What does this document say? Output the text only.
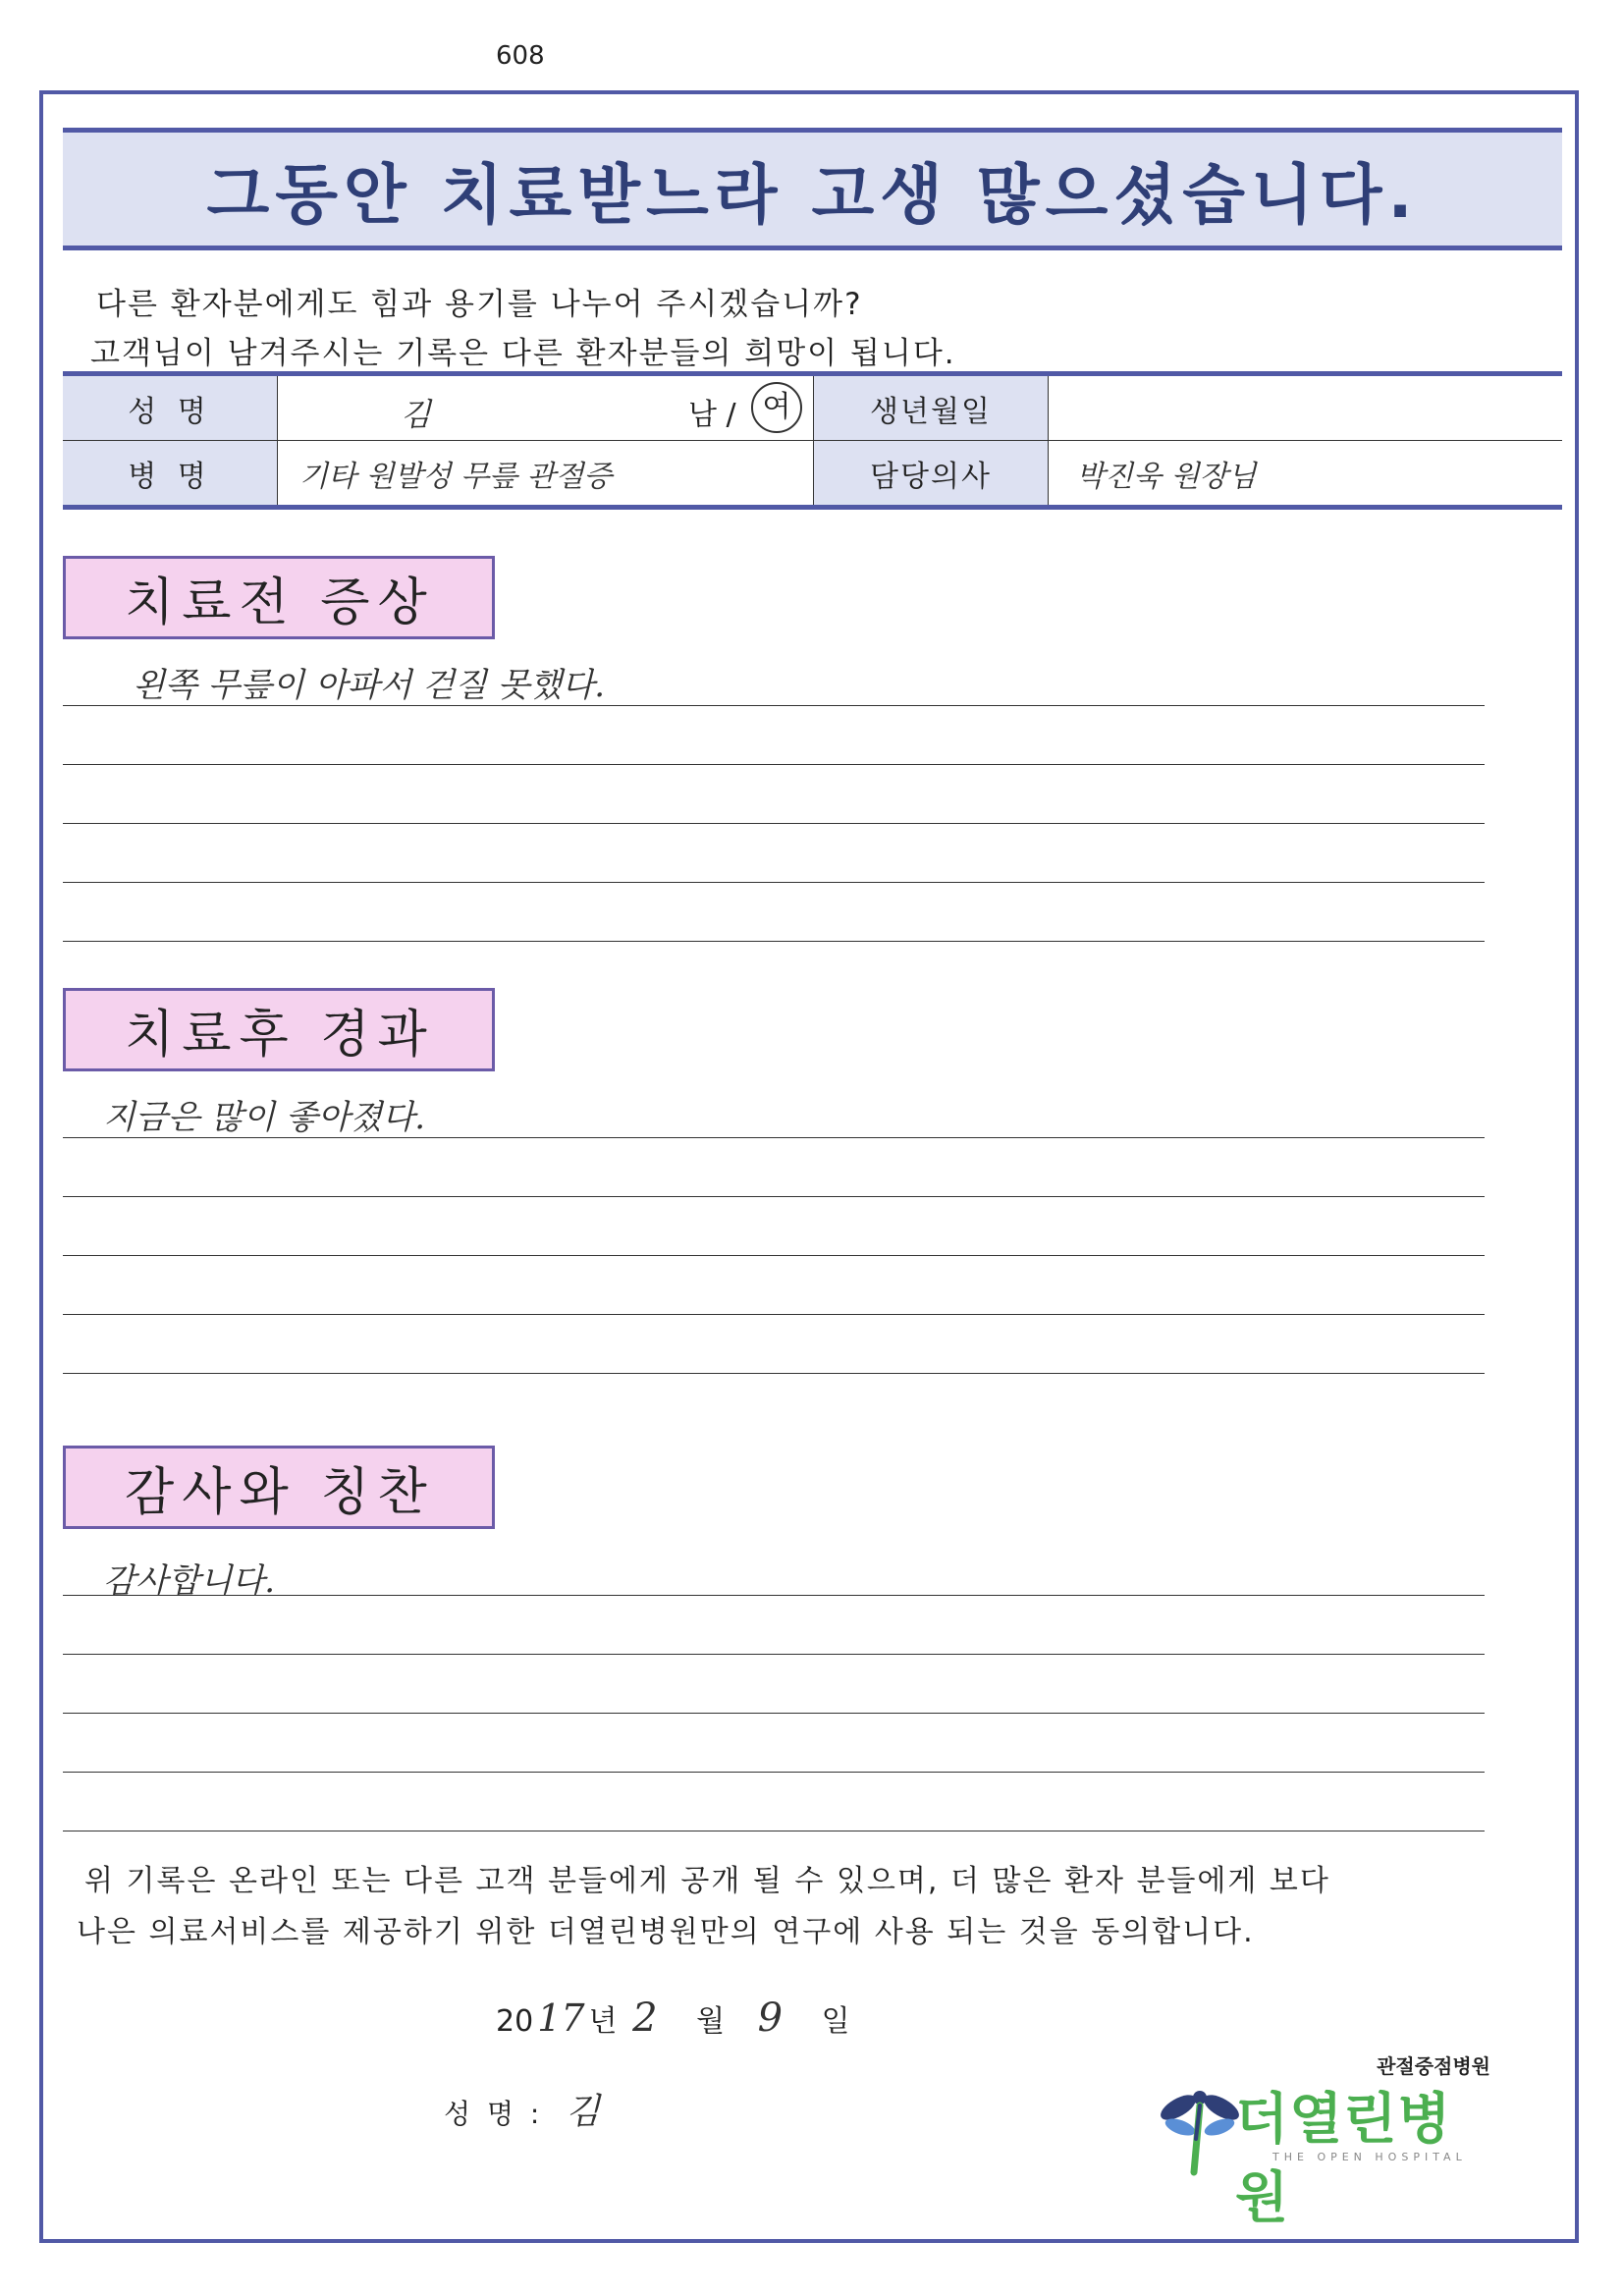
608
그동안 치료받느라 고생 많으셨습니다.
다른 환자분에게도 힘과 용기를 나누어 주시겠습니까?
고객님이 남겨주시는 기록은 다른 환자분들의 희망이 됩니다.
성 명	김 남 / 여	생년월일	
병 명	기타 원발성 무릎 관절증	담당의사	박진욱 원장님
치료전 증상
왼쪽 무릎이 아파서 걷질 못했다.
치료후 경과
지금은 많이 좋아졌다.
감사와 칭찬
감사합니다.
위 기록은 온라인 또는 다른 고객 분들에게 공개 될 수 있으며, 더 많은 환자 분들에게 보다
나은 의료서비스를 제공하기 위한 더열린병원만의 연구에 사용 되는 것을 동의합니다.
20 17 년 2 월 9 일
성 명 : 김
관절중점병원
더열린병원
THE OPEN HOSPITAL
